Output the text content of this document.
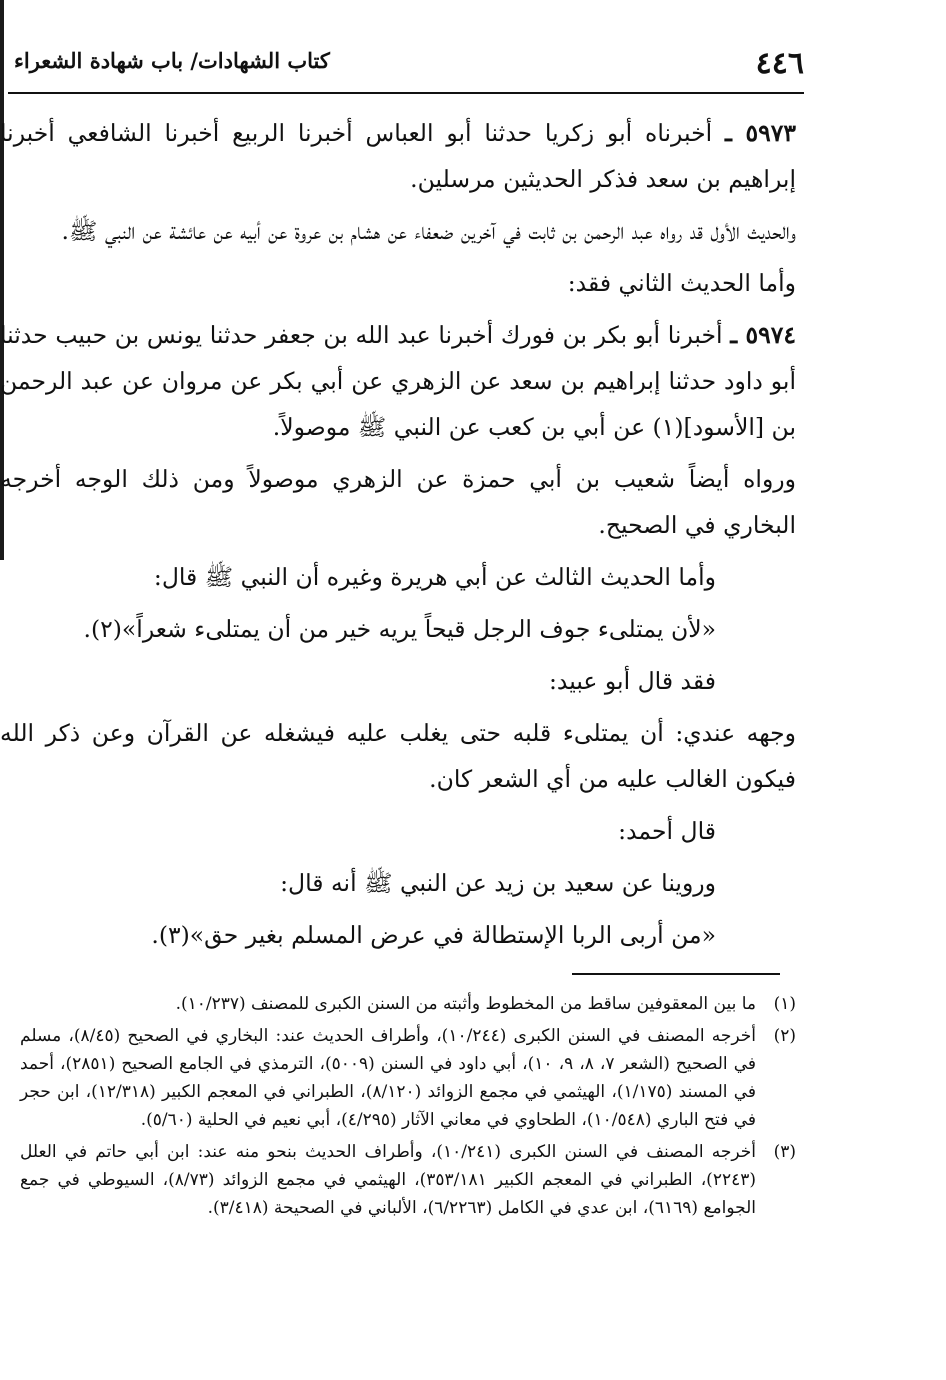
٤٤٦
كتاب الشهادات/ باب شهادة الشعراء

٥٩٧٣ ـ أخبرناه أبو زكريا حدثنا أبو العباس أخبرنا الربيع أخبرنا الشافعي أخبرنا إبراهيم بن سعد فذكر الحديثين مرسلين.

والحديث الأول قد رواه عبد الرحمن بن ثابت في آخرين ضعفاء عن هشام بن عروة عن أبيه عن عائشة عن النبي ﷺ.

وأما الحديث الثاني فقد:

٥٩٧٤ ـ أخبرنا أبو بكر بن فورك أخبرنا عبد الله بن جعفر حدثنا يونس بن حبيب حدثنا أبو داود حدثنا إبراهيم بن سعد عن الزهري عن أبي بكر عن مروان عن عبد الرحمن بن [الأسود](١) عن أبي بن كعب عن النبي ﷺ موصولاً.

ورواه أيضاً شعيب بن أبي حمزة عن الزهري موصولاً ومن ذلك الوجه أخرجه البخاري في الصحيح.

وأما الحديث الثالث عن أبي هريرة وغيره أن النبي ﷺ قال:

«لأن يمتلىء جوف الرجل قيحاً يريه خير من أن يمتلىء شعراً»(٢).

فقد قال أبو عبيد:

وجهه عندي: أن يمتلىء قلبه حتى يغلب عليه فيشغله عن القرآن وعن ذكر الله فيكون الغالب عليه من أي الشعر كان.

قال أحمد:

وروينا عن سعيد بن زيد عن النبي ﷺ أنه قال:

«من أربى الربا الإستطالة في عرض المسلم بغير حق»(٣).

(١)
ما بين المعقوفين ساقط من المخطوط وأثبته من السنن الكبرى للمصنف (١٠/٢٣٧).
(٢)
أخرجه المصنف في السنن الكبرى (١٠/٢٤٤)، وأطراف الحديث عند: البخاري في الصحيح (٨/٤٥)، مسلم في الصحيح (الشعر ٧، ٨، ٩، ١٠)، أبي داود في السنن (٥٠٠٩)، الترمذي في الجامع الصحيح (٢٨٥١)، أحمد في المسند (١/١٧٥)، الهيثمي في مجمع الزوائد (٨/١٢٠)، الطبراني في المعجم الكبير (١٢/٣١٨)، ابن حجر في فتح الباري (١٠/٥٤٨)، الطحاوي في معاني الآثار (٤/٢٩٥)، أبي نعيم في الحلية (٥/٦٠).
(٣)
أخرجه المصنف في السنن الكبرى (١٠/٢٤١)، وأطراف الحديث بنحو منه عند: ابن أبي حاتم في العلل (٢٢٤٣)، الطبراني في المعجم الكبير ٣٥٣/١٨١)، الهيثمي في مجمع الزوائد (٨/٧٣)، السيوطي في جمع الجوامع (٦١٦٩)، ابن عدي في الكامل (٦/٢٢٦٣)، الألباني في الصحيحة (٣/٤١٨).
